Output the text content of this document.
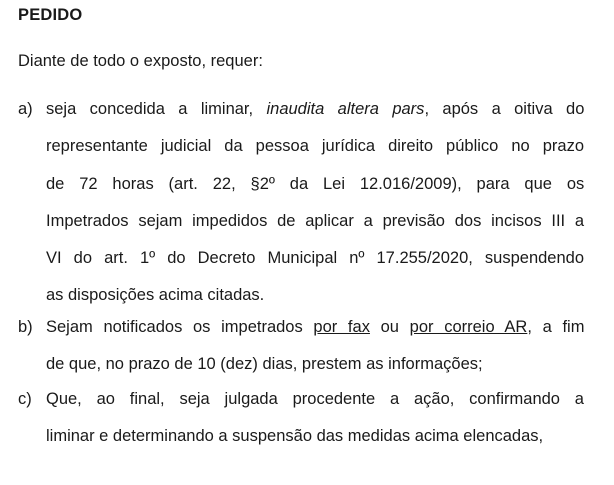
PEDIDO
Diante de todo o exposto, requer:
a) seja concedida a liminar, inaudita altera pars, após a oitiva do
representante judicial da pessoa jurídica direito público no prazo
de 72 horas (art. 22, §2º da Lei 12.016/2009), para que os
Impetrados sejam impedidos de aplicar a previsão dos incisos III a
VI do art. 1º do Decreto Municipal nº 17.255/2020, suspendendo
as disposições acima citadas.
b) Sejam notificados os impetrados por fax ou por correio AR, a fim
de que, no prazo de 10 (dez) dias, prestem as informações;
c) Que, ao final, seja julgada procedente a ação, confirmando a
liminar e determinando a suspensão das medidas acima elencadas,
